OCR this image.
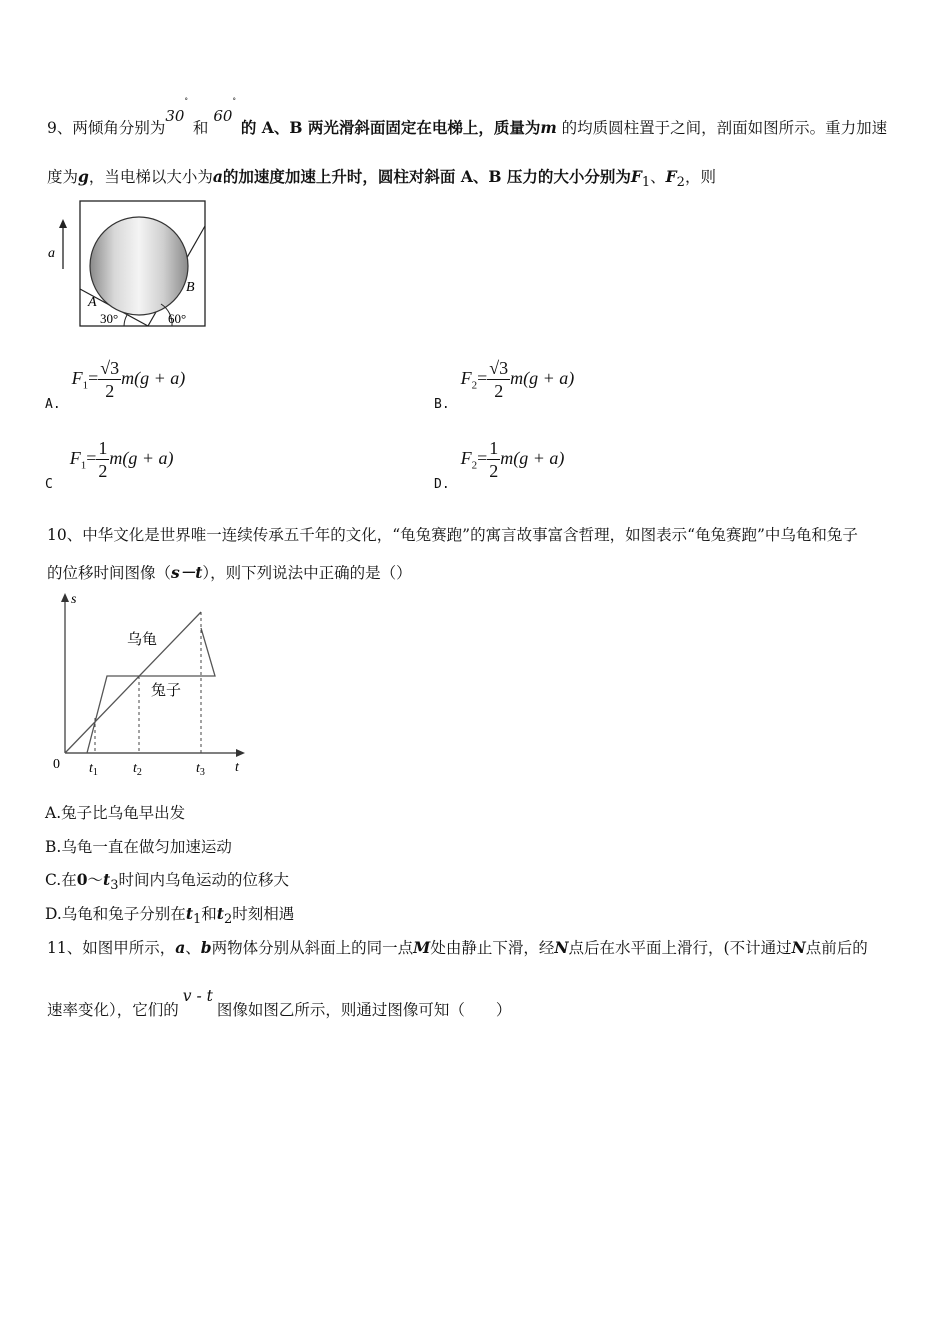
9、两倾角分别为30° 和 60° 的 A、B 两光滑斜面固定在电梯上，质量为m 的均质圆柱置于之间，剖面如图所示。重力加速
度为g，当电梯以大小为a的加速度加速上升时，圆柱对斜面 A、B 压力的大小分别为$F_1$、$F_2$，则
a
A
B
30°	60°
$_{A.}$ $F_1= \frac{√3}{2} m(g + a)$
$_{B.}$ $F_2= \frac{√3}{2} m(g + a)$
$_C$ $F_1= \frac{1}{2} m(g + a)$
$_{D.}$ $F_2= \frac{1}{2} m(g + a)$
10、中华文化是世界唯一连续传承五千年的文化，“龟兔赛跑”的寓言故事富含哲理，如图表示“龟兔赛跑”中乌龟和兔子
的位移时间图像（s－t），则下列说法中正确的是（）
s
t
0
乌龟
兔子
$t_1$	$t_2$	$t_3$
A.兔子比乌龟早出发
B.乌龟一直在做匀加速运动
C.在$0\sim t_3$时间内乌龟运动的位移大
D.乌龟和兔子分别在$t_1$和$t_2$时刻相遇
11、如图甲所示，a、b两物体分别从斜面上的同一点M处由静止下滑，经N点后在水平面上滑行，(不计通过N点前后的
速率变化），它们的v - t图像如图乙所示，则通过图像可知（　　）
